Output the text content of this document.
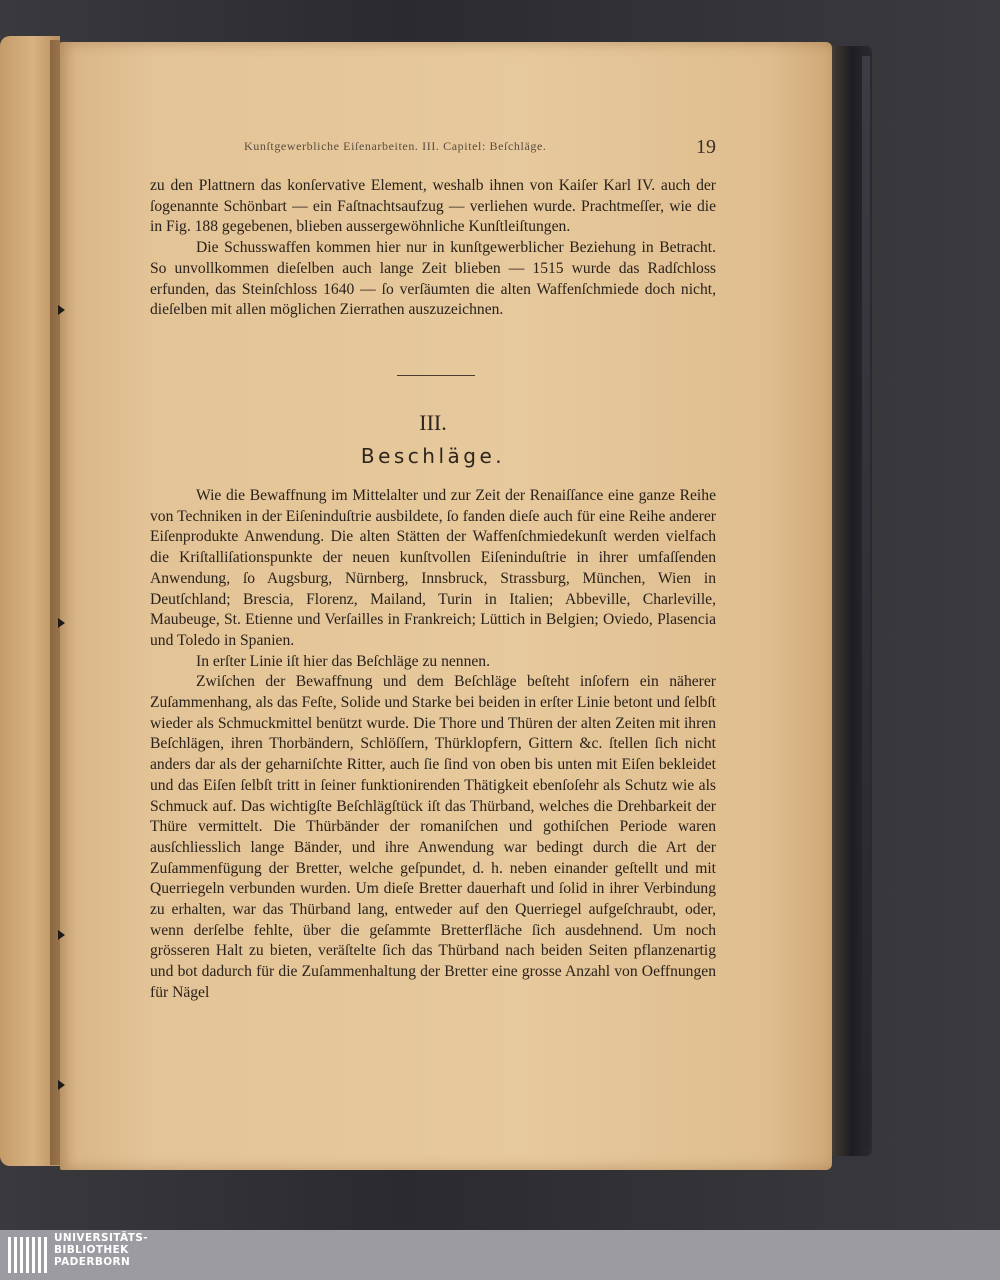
Kunſtgewerbliche Eiſenarbeiten. III. Capitel: Beſchläge.	19

zu den Plattnern das konſervative Element, weshalb ihnen von Kaiſer Karl IV. auch der ſogenannte Schönbart — ein Faſtnachtsaufzug — verliehen wurde. Prachtmeſſer, wie die in Fig. 188 gegebenen, blieben aussergewöhnliche Kunſtleiſtungen.

Die Schusswaffen kommen hier nur in kunſtgewerblicher Beziehung in Betracht. So unvollkommen dieſelben auch lange Zeit blieben — 1515 wurde das Radſchloss erfunden, das Steinſchloss 1640 — ſo verſäumten die alten Waffenſchmiede doch nicht, dieſelben mit allen möglichen Zierrathen auszuzeichnen.

III.
Beschläge.

Wie die Bewaffnung im Mittelalter und zur Zeit der Renaiſſance eine ganze Reihe von Techniken in der Eiſeninduſtrie ausbildete, ſo fanden dieſe auch für eine Reihe anderer Eiſenprodukte Anwendung. Die alten Stätten der Waffenſchmiedekunſt werden vielfach die Kriſtalliſationspunkte der neuen kunſtvollen Eiſeninduſtrie in ihrer umfaſſenden Anwendung, ſo Augsburg, Nürnberg, Innsbruck, Strassburg, München, Wien in Deutſchland; Brescia, Florenz, Mailand, Turin in Italien; Abbeville, Charleville, Maubeuge, St. Etienne und Verſailles in Frankreich; Lüttich in Belgien; Oviedo, Plasencia und Toledo in Spanien.

In erſter Linie iſt hier das Beſchläge zu nennen.

Zwiſchen der Bewaffnung und dem Beſchläge beſteht inſofern ein näherer Zuſammenhang, als das Feſte, Solide und Starke bei beiden in erſter Linie betont und ſelbſt wieder als Schmuckmittel benützt wurde. Die Thore und Thüren der alten Zeiten mit ihren Beſchlägen, ihren Thorbändern, Schlöſſern, Thürklopfern, Gittern &c. ſtellen ſich nicht anders dar als der geharniſchte Ritter, auch ſie ſind von oben bis unten mit Eiſen bekleidet und das Eiſen ſelbſt tritt in ſeiner funktionirenden Thätigkeit ebenſoſehr als Schutz wie als Schmuck auf. Das wichtigſte Beſchlägſtück iſt das Thürband, welches die Drehbarkeit der Thüre vermittelt. Die Thürbänder der romaniſchen und gothiſchen Periode waren ausſchliesslich lange Bänder, und ihre Anwendung war bedingt durch die Art der Zuſammenfügung der Bretter, welche geſpundet, d. h. neben einander geſtellt und mit Querriegeln verbunden wurden. Um dieſe Bretter dauerhaft und ſolid in ihrer Verbindung zu erhalten, war das Thürband lang, entweder auf den Querriegel aufgeſchraubt, oder, wenn derſelbe fehlte, über die geſammte Bretterfläche ſich ausdehnend. Um noch grösseren Halt zu bieten, veräſtelte ſich das Thürband nach beiden Seiten pflanzenartig und bot dadurch für die Zuſammenhaltung der Bretter eine grosse Anzahl von Oeffnungen für Nägel

UNIVERSITÄTS-
BIBLIOTHEK
PADERBORN
